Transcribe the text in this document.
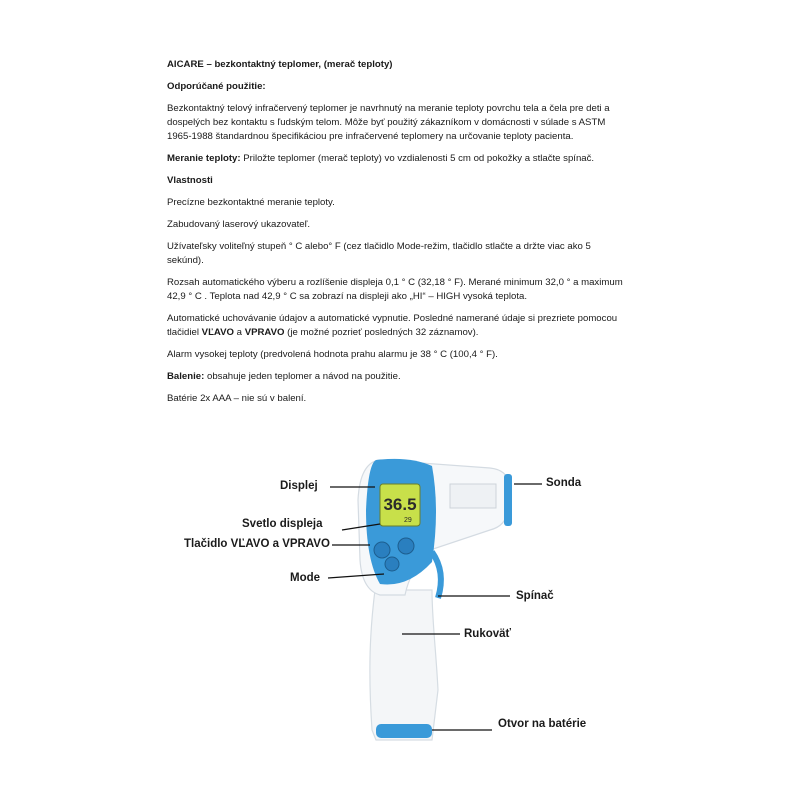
AICARE – bezkontaktný teplomer, (merač teploty)

Odporúčané použitie:

Bezkontaktný telový infračervený teplomer je navrhnutý na meranie teploty povrchu tela a čela pre deti a dospelých bez kontaktu s ľudským telom. Môže byť použitý zákazníkom v domácnosti v súlade s ASTM 1965-1988 štandardnou špecifikáciou pre infračervené teplomery na určovanie teploty pacienta.

Meranie teploty: Priložte teplomer (merač teploty) vo vzdialenosti 5 cm od pokožky a stlačte spínač.

Vlastnosti

Precízne bezkontaktné meranie teploty.

Zabudovaný laserový ukazovateľ.

Užívateľsky voliteľný stupeň ° C alebo° F (cez tlačidlo Mode-režim, tlačidlo stlačte a držte viac ako 5 sekúnd).

Rozsah automatického výberu a rozlíšenie displeja 0,1 ° C (32,18 ° F). Merané minimum 32,0 ° a maximum 42,9 ° C . Teplota nad 42,9 ° C sa zobrazí na displeji ako „HI“ – HIGH vysoká teplota.

Automatické uchovávanie údajov a automatické vypnutie. Posledné namerané údaje si prezriete pomocou tlačidiel VĽAVO a VPRAVO (je možné pozrieť posledných 32 záznamov).

Alarm vysokej teploty (predvolená hodnota prahu alarmu je 38 ° C (100,4 ° F).

Balenie: obsahuje jeden teplomer a návod na použitie.

Batérie 2x AAA – nie sú v balení.

36.5
29
Displej
Svetlo displeja
Tlačidlo VĽAVO a VPRAVO
Mode
Sonda
Spínač
Rukoväť
Otvor na batérie
